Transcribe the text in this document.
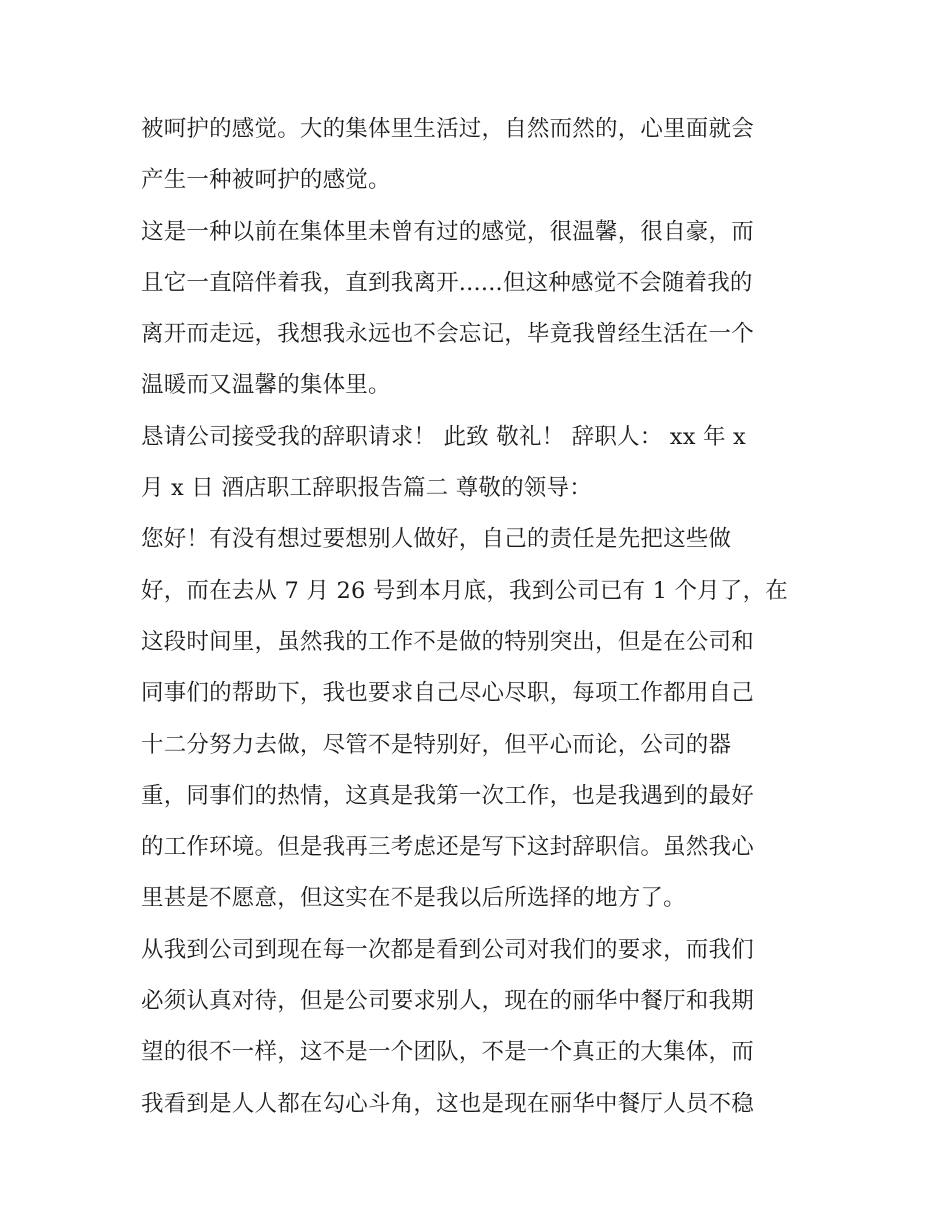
被呵护的感觉。大的集体里生活过，自然而然的，心里面就会
产生一种被呵护的感觉。
这是一种以前在集体里未曾有过的感觉，很温馨，很自豪，而
且它一直陪伴着我，直到我离开......但这种感觉不会随着我的
离开而走远，我想我永远也不会忘记，毕竟我曾经生活在一个
温暖而又温馨的集体里。
恳请公司接受我的辞职请求！ 此致 敬礼！ 辞职人： xx 年 x
月 x 日 酒店职工辞职报告篇二 尊敬的领导：
您好！有没有想过要想别人做好，自己的责任是先把这些做
好，而在去从 7 月 26 号到本月底，我到公司已有 1 个月了，在
这段时间里，虽然我的工作不是做的特别突出，但是在公司和
同事们的帮助下，我也要求自己尽心尽职，每项工作都用自己
十二分努力去做，尽管不是特别好，但平心而论，公司的器
重，同事们的热情，这真是我第一次工作，也是我遇到的最好
的工作环境。但是我再三考虑还是写下这封辞职信。虽然我心
里甚是不愿意，但这实在不是我以后所选择的地方了。
从我到公司到现在每一次都是看到公司对我们的要求，而我们
必须认真对待，但是公司要求别人，现在的丽华中餐厅和我期
望的很不一样，这不是一个团队，不是一个真正的大集体，而
我看到是人人都在勾心斗角，这也是现在丽华中餐厅人员不稳
